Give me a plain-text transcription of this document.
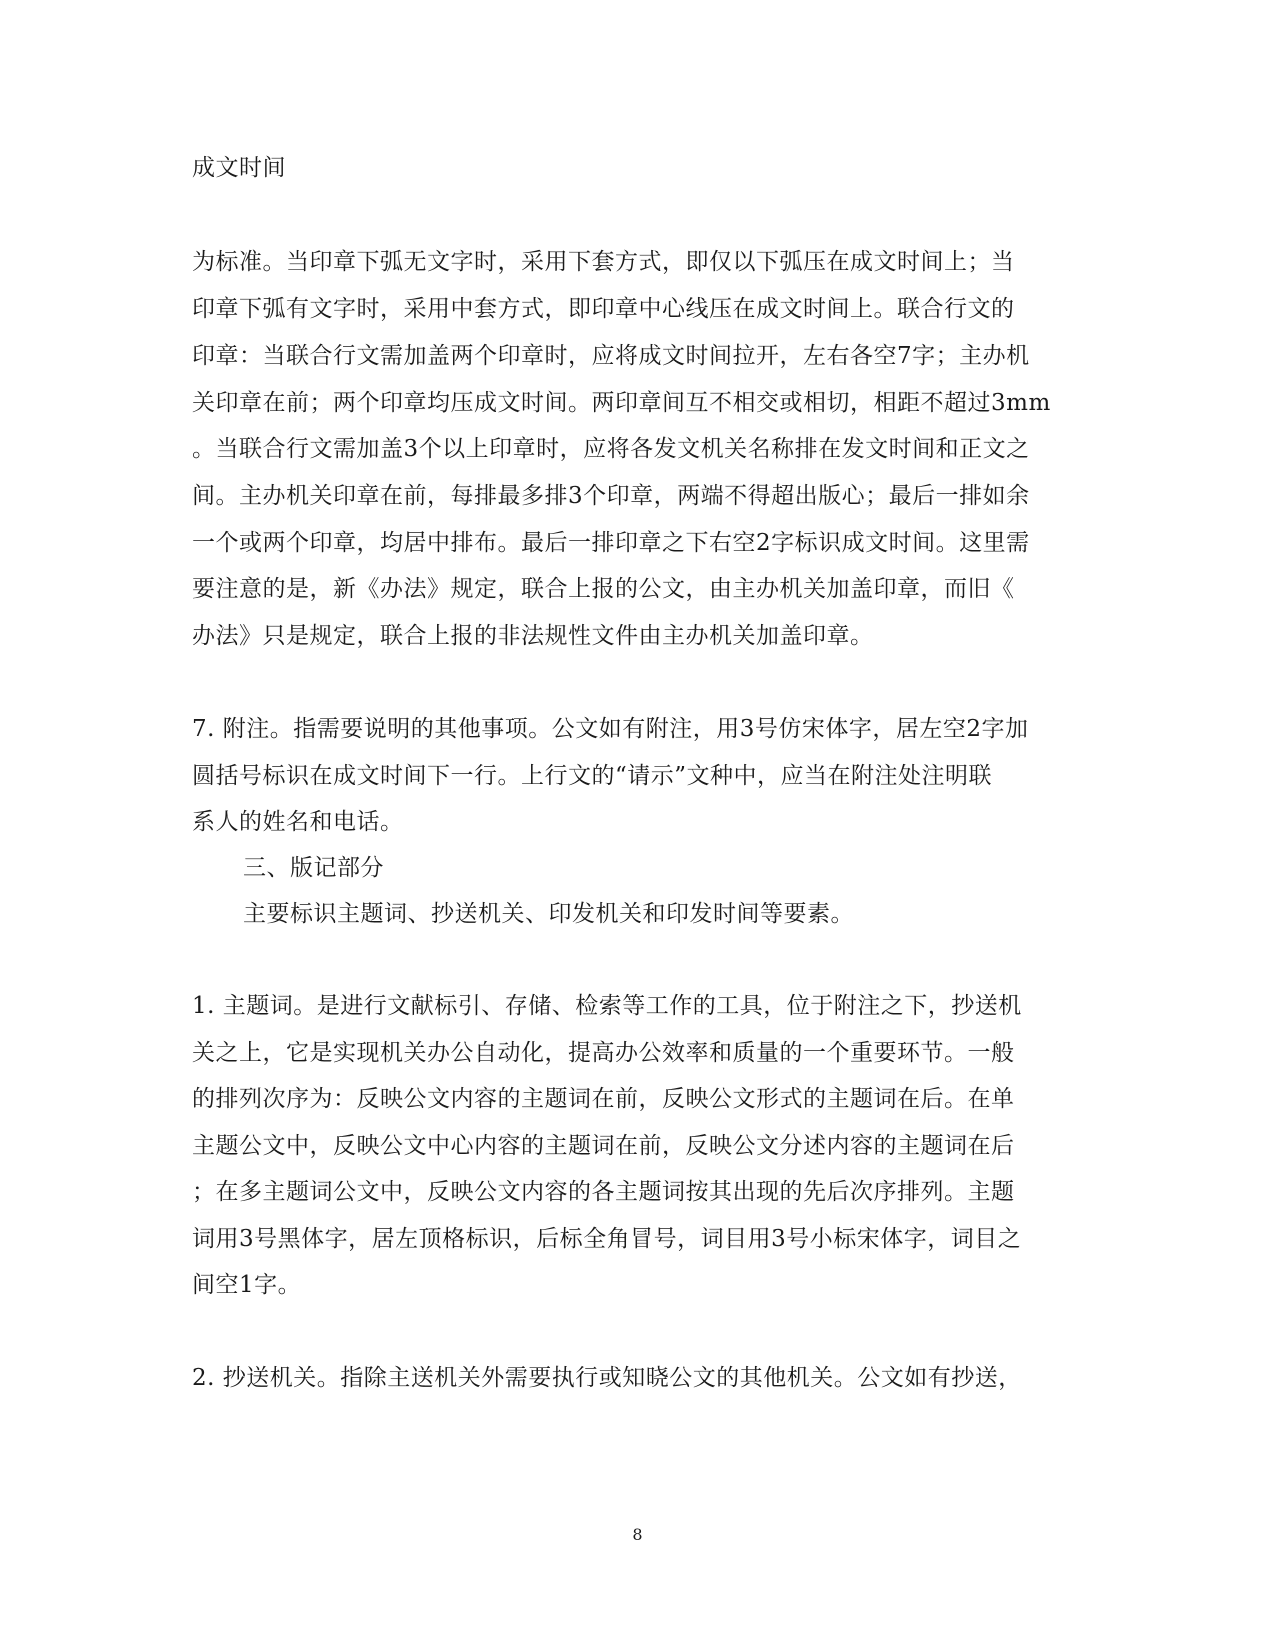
成文时间
为标准。当印章下弧无文字时，采用下套方式，即仅以下弧压在成文时间上；当
印章下弧有文字时，采用中套方式，即印章中心线压在成文时间上。联合行文的
印章：当联合行文需加盖两个印章时，应将成文时间拉开，左右各空7字；主办机
关印章在前；两个印章均压成文时间。两印章间互不相交或相切，相距不超过3mm
。当联合行文需加盖3个以上印章时，应将各发文机关名称排在发文时间和正文之
间。主办机关印章在前，每排最多排3个印章，两端不得超出版心；最后一排如余
一个或两个印章，均居中排布。最后一排印章之下右空2字标识成文时间。这里需
要注意的是，新《办法》规定，联合上报的公文，由主办机关加盖印章，而旧《
办法》只是规定，联合上报的非法规性文件由主办机关加盖印章。
7. 附注。指需要说明的其他事项。公文如有附注，用3号仿宋体字，居左空2字加
圆括号标识在成文时间下一行。上行文的“请示”文种中，应当在附注处注明联
系人的姓名和电话。
三、版记部分
主要标识主题词、抄送机关、印发机关和印发时间等要素。
1. 主题词。是进行文献标引、存储、检索等工作的工具，位于附注之下，抄送机
关之上，它是实现机关办公自动化，提高办公效率和质量的一个重要环节。一般
的排列次序为：反映公文内容的主题词在前，反映公文形式的主题词在后。在单
主题公文中，反映公文中心内容的主题词在前，反映公文分述内容的主题词在后
；在多主题词公文中，反映公文内容的各主题词按其出现的先后次序排列。主题
词用3号黑体字，居左顶格标识，后标全角冒号，词目用3号小标宋体字，词目之
间空1字。
2. 抄送机关。指除主送机关外需要执行或知晓公文的其他机关。公文如有抄送，
8
